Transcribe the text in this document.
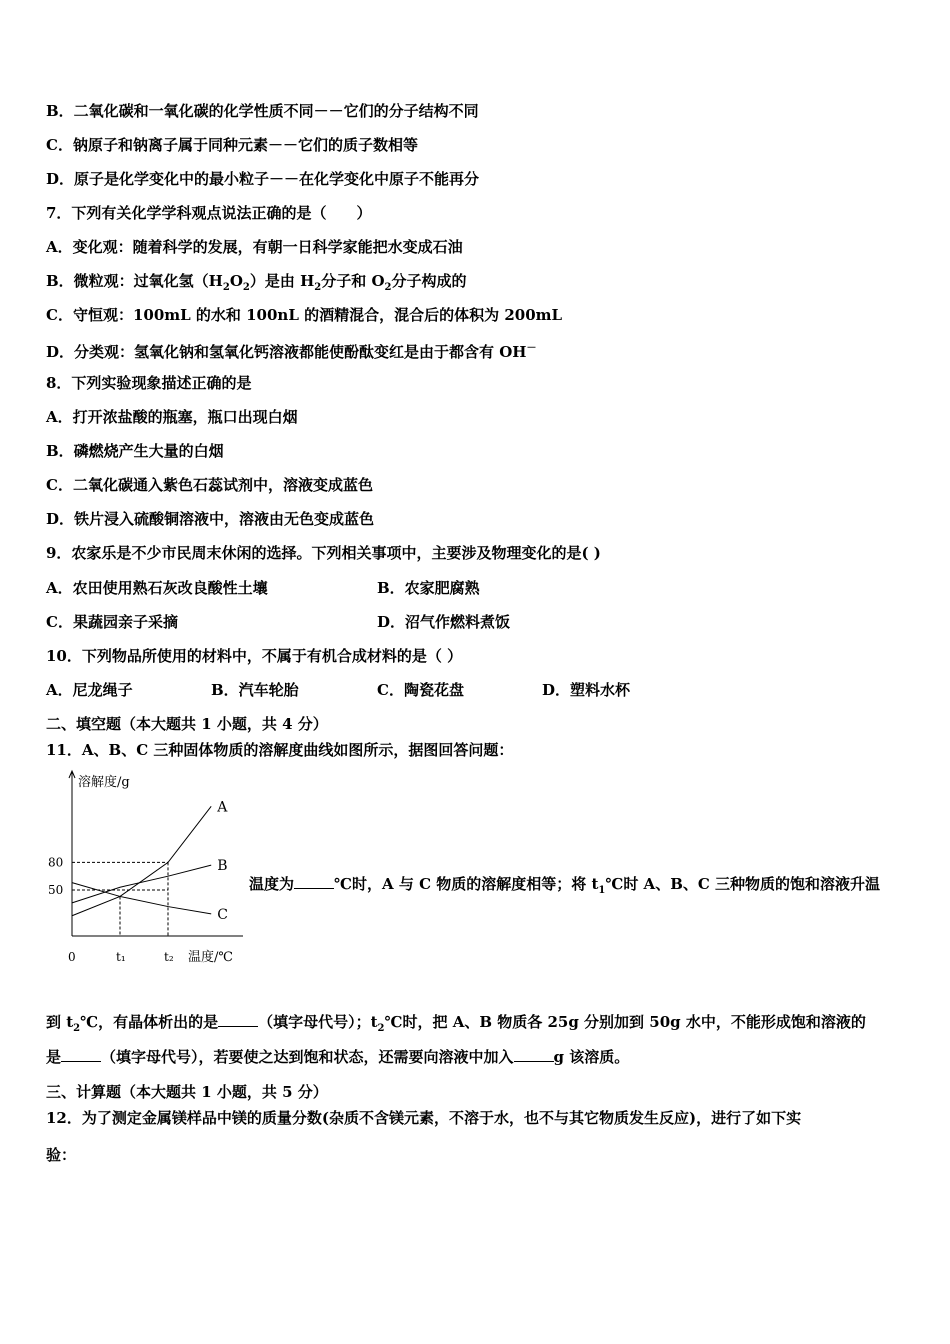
B．二氧化碳和一氧化碳的化学性质不同－－它们的分子结构不同
C．钠原子和钠离子属于同种元素－－它们的质子数相等
D．原子是化学变化中的最小粒子－－在化学变化中原子不能再分
7．下列有关化学学科观点说法正确的是（　　）
A．变化观：随着科学的发展，有朝一日科学家能把水变成石油
B．微粒观：过氧化氢$(H_2O_2)$是由 $H_2$分子和 $O_2$分子构成的
C．守恒观：100mL 的水和 100nL 的酒精混合，混合后的体积为 200mL
D．分类观：氢氧化钠和氢氧化钙溶液都能使酚酞变红是由于都含有 OH－
8．下列实验现象描述正确的是
A．打开浓盐酸的瓶塞，瓶口出现白烟
B．磷燃烧产生大量的白烟
C．二氧化碳通入紫色石蕊试剂中，溶液变成蓝色
D．铁片浸入硫酸铜溶液中，溶液由无色变成蓝色
9．农家乐是不少市民周末休闲的选择。下列相关事项中，主要涉及物理变化的是( )
A．农田使用熟石灰改良酸性土壤	B．农家肥腐熟
C．果蔬园亲子采摘	D．沼气作燃料煮饭
10．下列物品所使用的材料中，不属于有机合成材料的是（ ）
A．尼龙绳子	B．汽车轮胎	C．陶瓷花盘	D．塑料水杯
二、填空题（本大题共 1 小题，共 4 分）
11．A、B、C 三种固体物质的溶解度曲线如图所示，据图回答问题：
溶解度/g
温度/℃
0	t₁	t₂
50
80
A
B
C
温度为	℃时，A 与 C 物质的溶解度相等；将 $t_1℃$时 A、B、C 三种物质的饱和溶液升温
到 $t_2℃$，有晶体析出的是	（填字母代号）；$t_2℃$时，把 A、B 物质各 25g 分别加到 50g 水中，不能形成饱和溶液的
是	（填字母代号），若要使之达到饱和状态，还需要向溶液中加入	g 该溶质。
三、计算题（本大题共 1 小题，共 5 分）
12．为了测定金属镁样品中镁的质量分数(杂质不含镁元素，不溶于水，也不与其它物质发生反应)，进行了如下实
验：
